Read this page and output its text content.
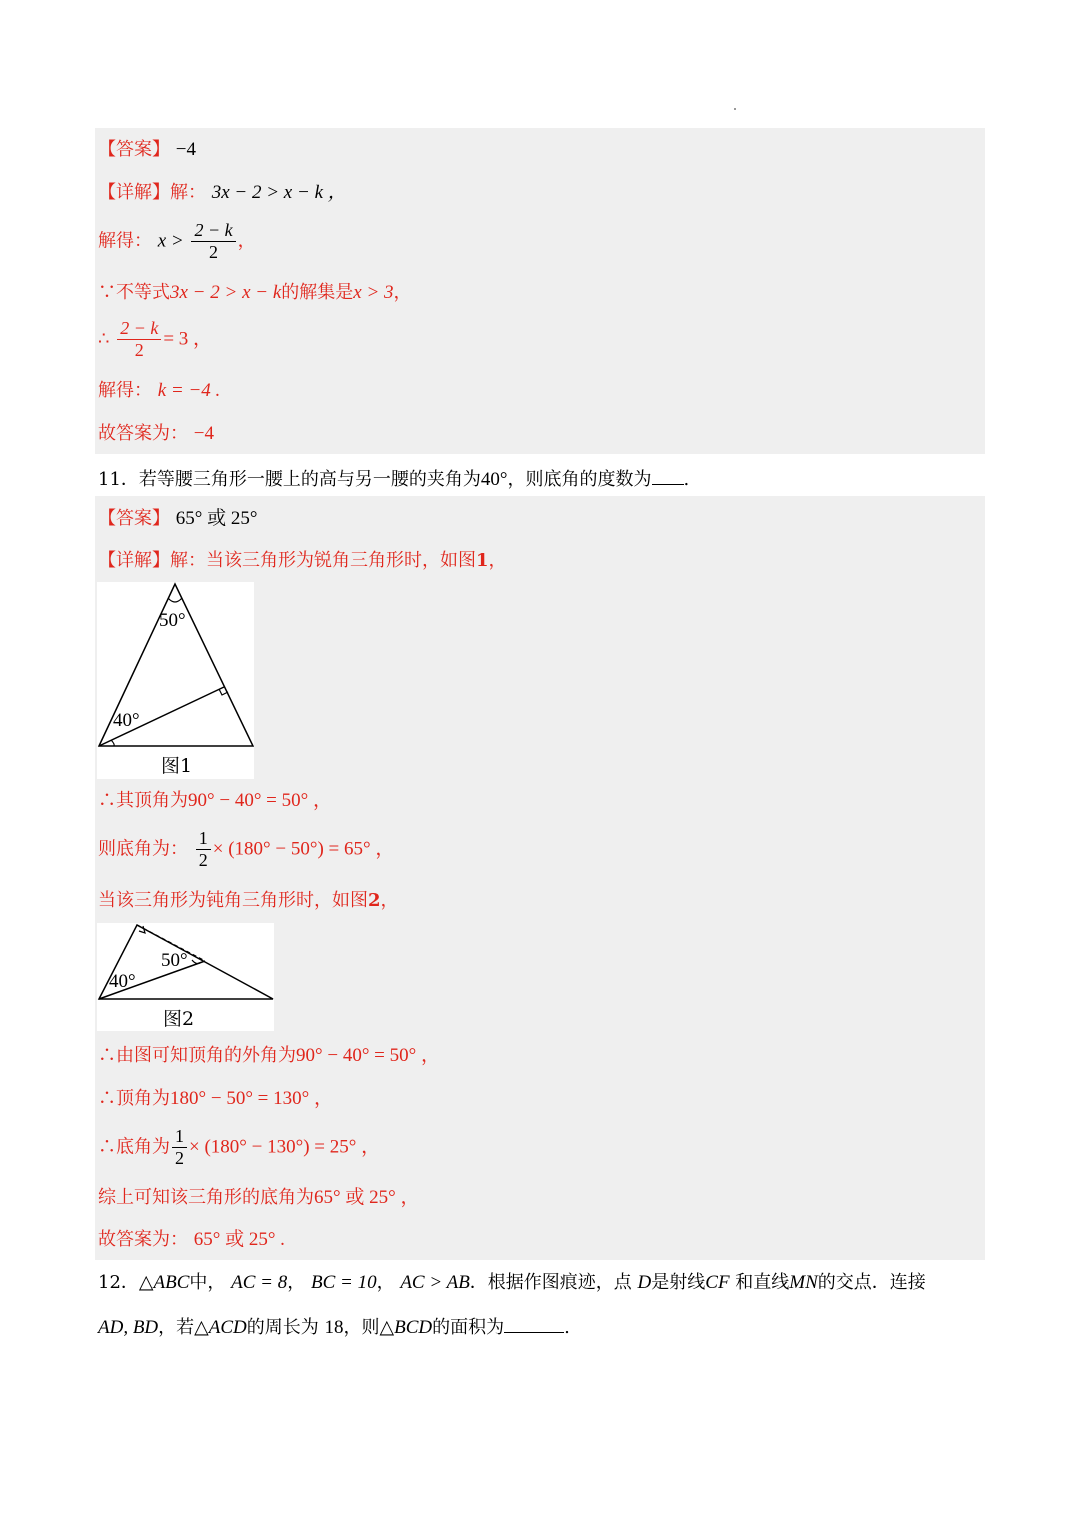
【答案】 −4
【详解】解： 3x − 2 > x − k ，
解得： $x > \frac{2 - k}{2}$ ，
∵不等式3x − 2 > x − k的解集是x > 3，
∴ $\frac{2 - k}{2} = 3$ ，
解得： k = −4 .
故答案为： −4
11．若等腰三角形一腰上的高与另一腰的夹角为40°，则底角的度数为 .
【答案】 65° 或 25°
【详解】解：当该三角形为锐角三角形时，如图1，
50°
40°
图1
∴其顶角为90° − 40° = 50° ，
则底角为： $\frac{1}{2} \times (180^\circ - 50^\circ) = 65^\circ$ ，
当该三角形为钝角三角形时，如图2，
50°
40°
图2
∴由图可知顶角的外角为90° − 40° = 50° ，
∴顶角为180° − 50° = 130° ，
∴底角为 $\frac{1}{2} \times (180^\circ - 130^\circ) = 25^\circ$ ，
综上可知该三角形的底角为65° 或 25° ，
故答案为： 65° 或 25° .
12．△ABC中， AC = 8， BC = 10， AC > AB．根据作图痕迹，点 D是射线CF 和直线MN的交点．连接
AD, BD，若△ACD的周长为 18，则△BCD的面积为	.
